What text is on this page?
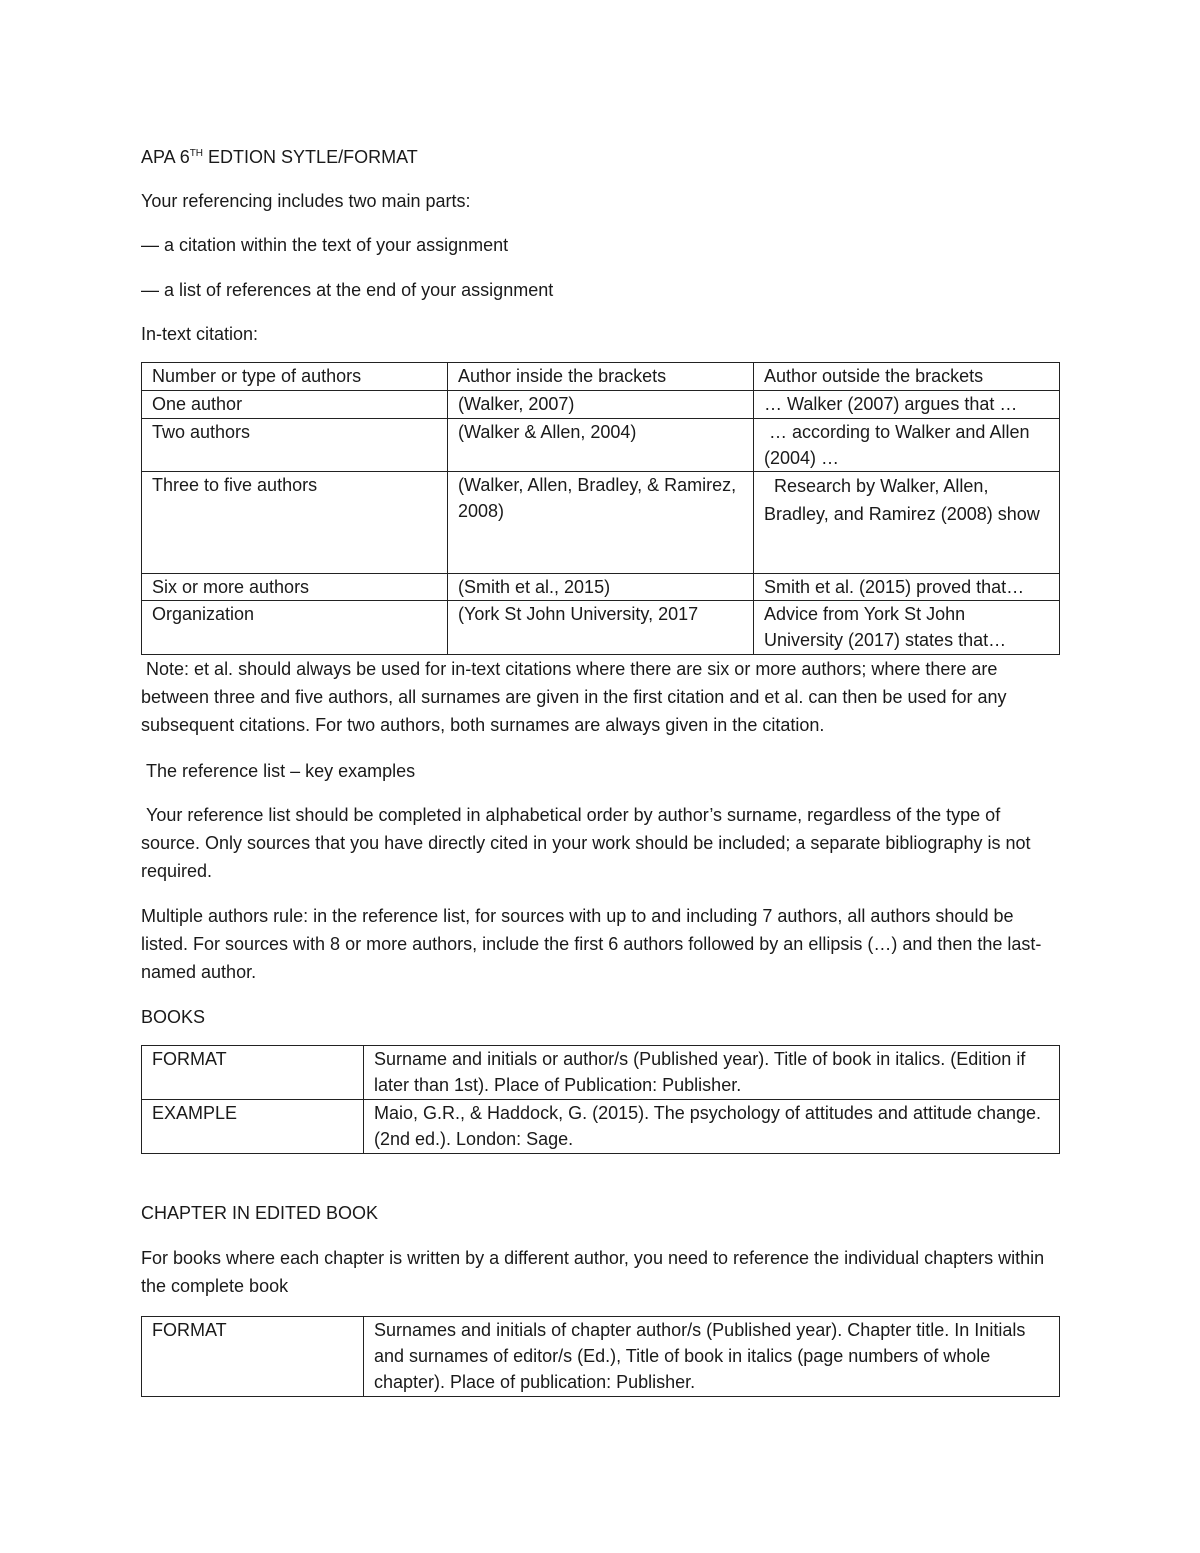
APA 6TH EDTION SYTLE/FORMAT

Your referencing includes two main parts:

— a citation within the text of your assignment

— a list of references at the end of your assignment

In-text citation:

Number or type of authors	Author inside the brackets	Author outside the brackets
One author	(Walker, 2007)	… Walker (2007) argues that …
Two authors	(Walker & Allen, 2004)	… according to Walker and Allen (2004) …
Three to five authors	(Walker, Allen, Bradley, & Ramirez, 2008)	Research by Walker, Allen, Bradley, and Ramirez (2008) show
Six or more authors	(Smith et al., 2015)	Smith et al. (2015) proved that…
Organization	(York St John University, 2017	Advice from York St John University (2017) states that…

Note: et al. should always be used for in-text citations where there are six or more authors; where there are between three and five authors, all surnames are given in the first citation and et al. can then be used for any subsequent citations. For two authors, both surnames are always given in the citation.

The reference list – key examples

Your reference list should be completed in alphabetical order by author’s surname, regardless of the type of source. Only sources that you have directly cited in your work should be included; a separate bibliography is not required.

Multiple authors rule: in the reference list, for sources with up to and including 7 authors, all authors should be listed. For sources with 8 or more authors, include the first 6 authors followed by an ellipsis (…) and then the last-named author.

BOOKS

FORMAT	Surname and initials or author/s (Published year). Title of book in italics. (Edition if later than 1st). Place of Publication: Publisher.
EXAMPLE	Maio, G.R., & Haddock, G. (2015). The psychology of attitudes and attitude change. (2nd ed.). London: Sage.

CHAPTER IN EDITED BOOK

For books where each chapter is written by a different author, you need to reference the individual chapters within the complete book

FORMAT	Surnames and initials of chapter author/s (Published year). Chapter title. In Initials and surnames of editor/s (Ed.), Title of book in italics (page numbers of whole chapter). Place of publication: Publisher.
